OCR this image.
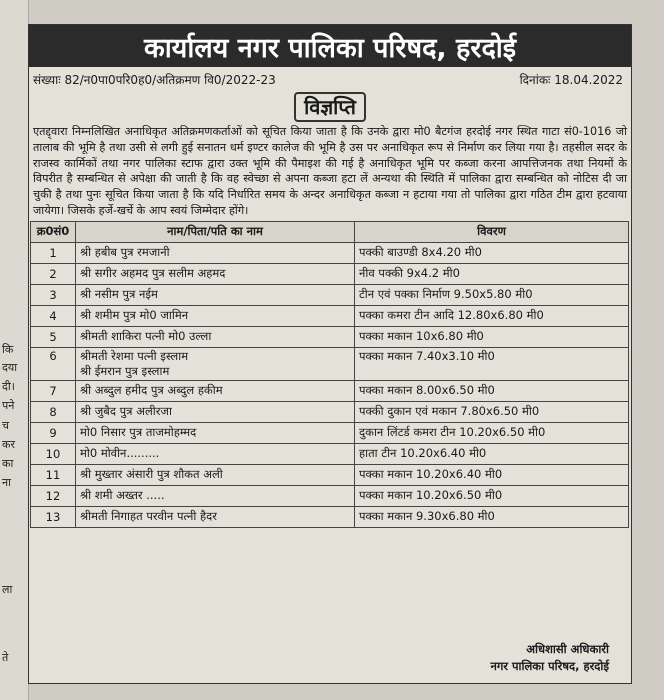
कि
दया
दी।
पने
च
कर
का
ना
ला
ते
कार्यालय नगर पालिका परिषद, हरदोई
संख्याः 82/न0पा0परि0ह0/अतिक्रमण वि0/2022-23	दिनांकः 18.04.2022
विज्ञप्ति
एतद्द्वारा निम्नलिखित अनाधिकृत अतिक्रमणकर्ताओं को सूचित किया जाता है कि उनके द्वारा मो0 बैटगंज हरदोई नगर स्थित गाटा सं0-1016 जो तालाब की भूमि है तथा उसी से लगी हुई सनातन धर्म इण्टर कालेज की भूमि है उस पर अनाधिकृत रूप से निर्माण कर लिया गया है। तहसील सदर के राजस्व कार्मिकों तथा नगर पालिका स्टाफ द्वारा उक्त भूमि की पैमाइश की गई है अनाधिकृत भूमि पर कब्जा करना आपत्तिजनक तथा नियमों के विपरीत है सम्बन्धित से अपेक्षा की जाती है कि वह स्वेच्छा से अपना कब्जा हटा लें अन्यथा की स्थिति में पालिका द्वारा सम्बन्धित को नोटिस दी जा चुकी है तथा पुनः सूचित किया जाता है कि यदि निर्धारित समय के अन्दर अनाधिकृत कब्जा न हटाया गया तो पालिका द्वारा गठित टीम द्वारा हटवाया जायेगा। जिसके हर्जे-खर्चे के आप स्वयं जिम्मेदार होंगे।
क्र0सं0	नाम/पिता/पति का नाम	विवरण
1	श्री हबीब पुत्र रमजानी	पक्की बाउण्डी 8x4.20 मी0
2	श्री सगीर अहमद पुत्र सलीम अहमद	नीव पक्की 9x4.2 मी0
3	श्री नसीम पुत्र नईम	टीन एवं पक्का निर्माण 9.50x5.80 मी0
4	श्री शमीम पुत्र मो0 जामिन	पक्का कमरा टीन आदि 12.80x6.80 मी0
5	श्रीमती शाकिरा पत्नी मो0 उल्ला	पक्का मकान 10x6.80 मी0
6	श्रीमती रेशमा पत्नी इस्लाम
श्री ईमरान पुत्र इस्लाम	पक्का मकान 7.40x3.10 मी0
7	श्री अब्दुल हमीद पुत्र अब्दुल हकीम	पक्का मकान 8.00x6.50 मी0
8	श्री जुबैद पुत्र अलीरजा	पक्की दुकान एवं मकान 7.80x6.50 मी0
9	मो0 निसार पुत्र ताजमोहम्मद	दुकान लिंटर्ड कमरा टीन 10.20x6.50 मी0
10	मो0 मोवीन.........	हाता टीन 10.20x6.40 मी0
11	श्री मुख्तार अंसारी पुत्र शौकत अली	पक्का मकान 10.20x6.40 मी0
12	श्री शमी अख्तर .....	पक्का मकान 10.20x6.50 मी0
13	श्रीमती निगाहत परवीन पत्नी हैदर	पक्का मकान 9.30x6.80 मी0
अधिशासी अधिकारी
नगर पालिका परिषद, हरदोई
